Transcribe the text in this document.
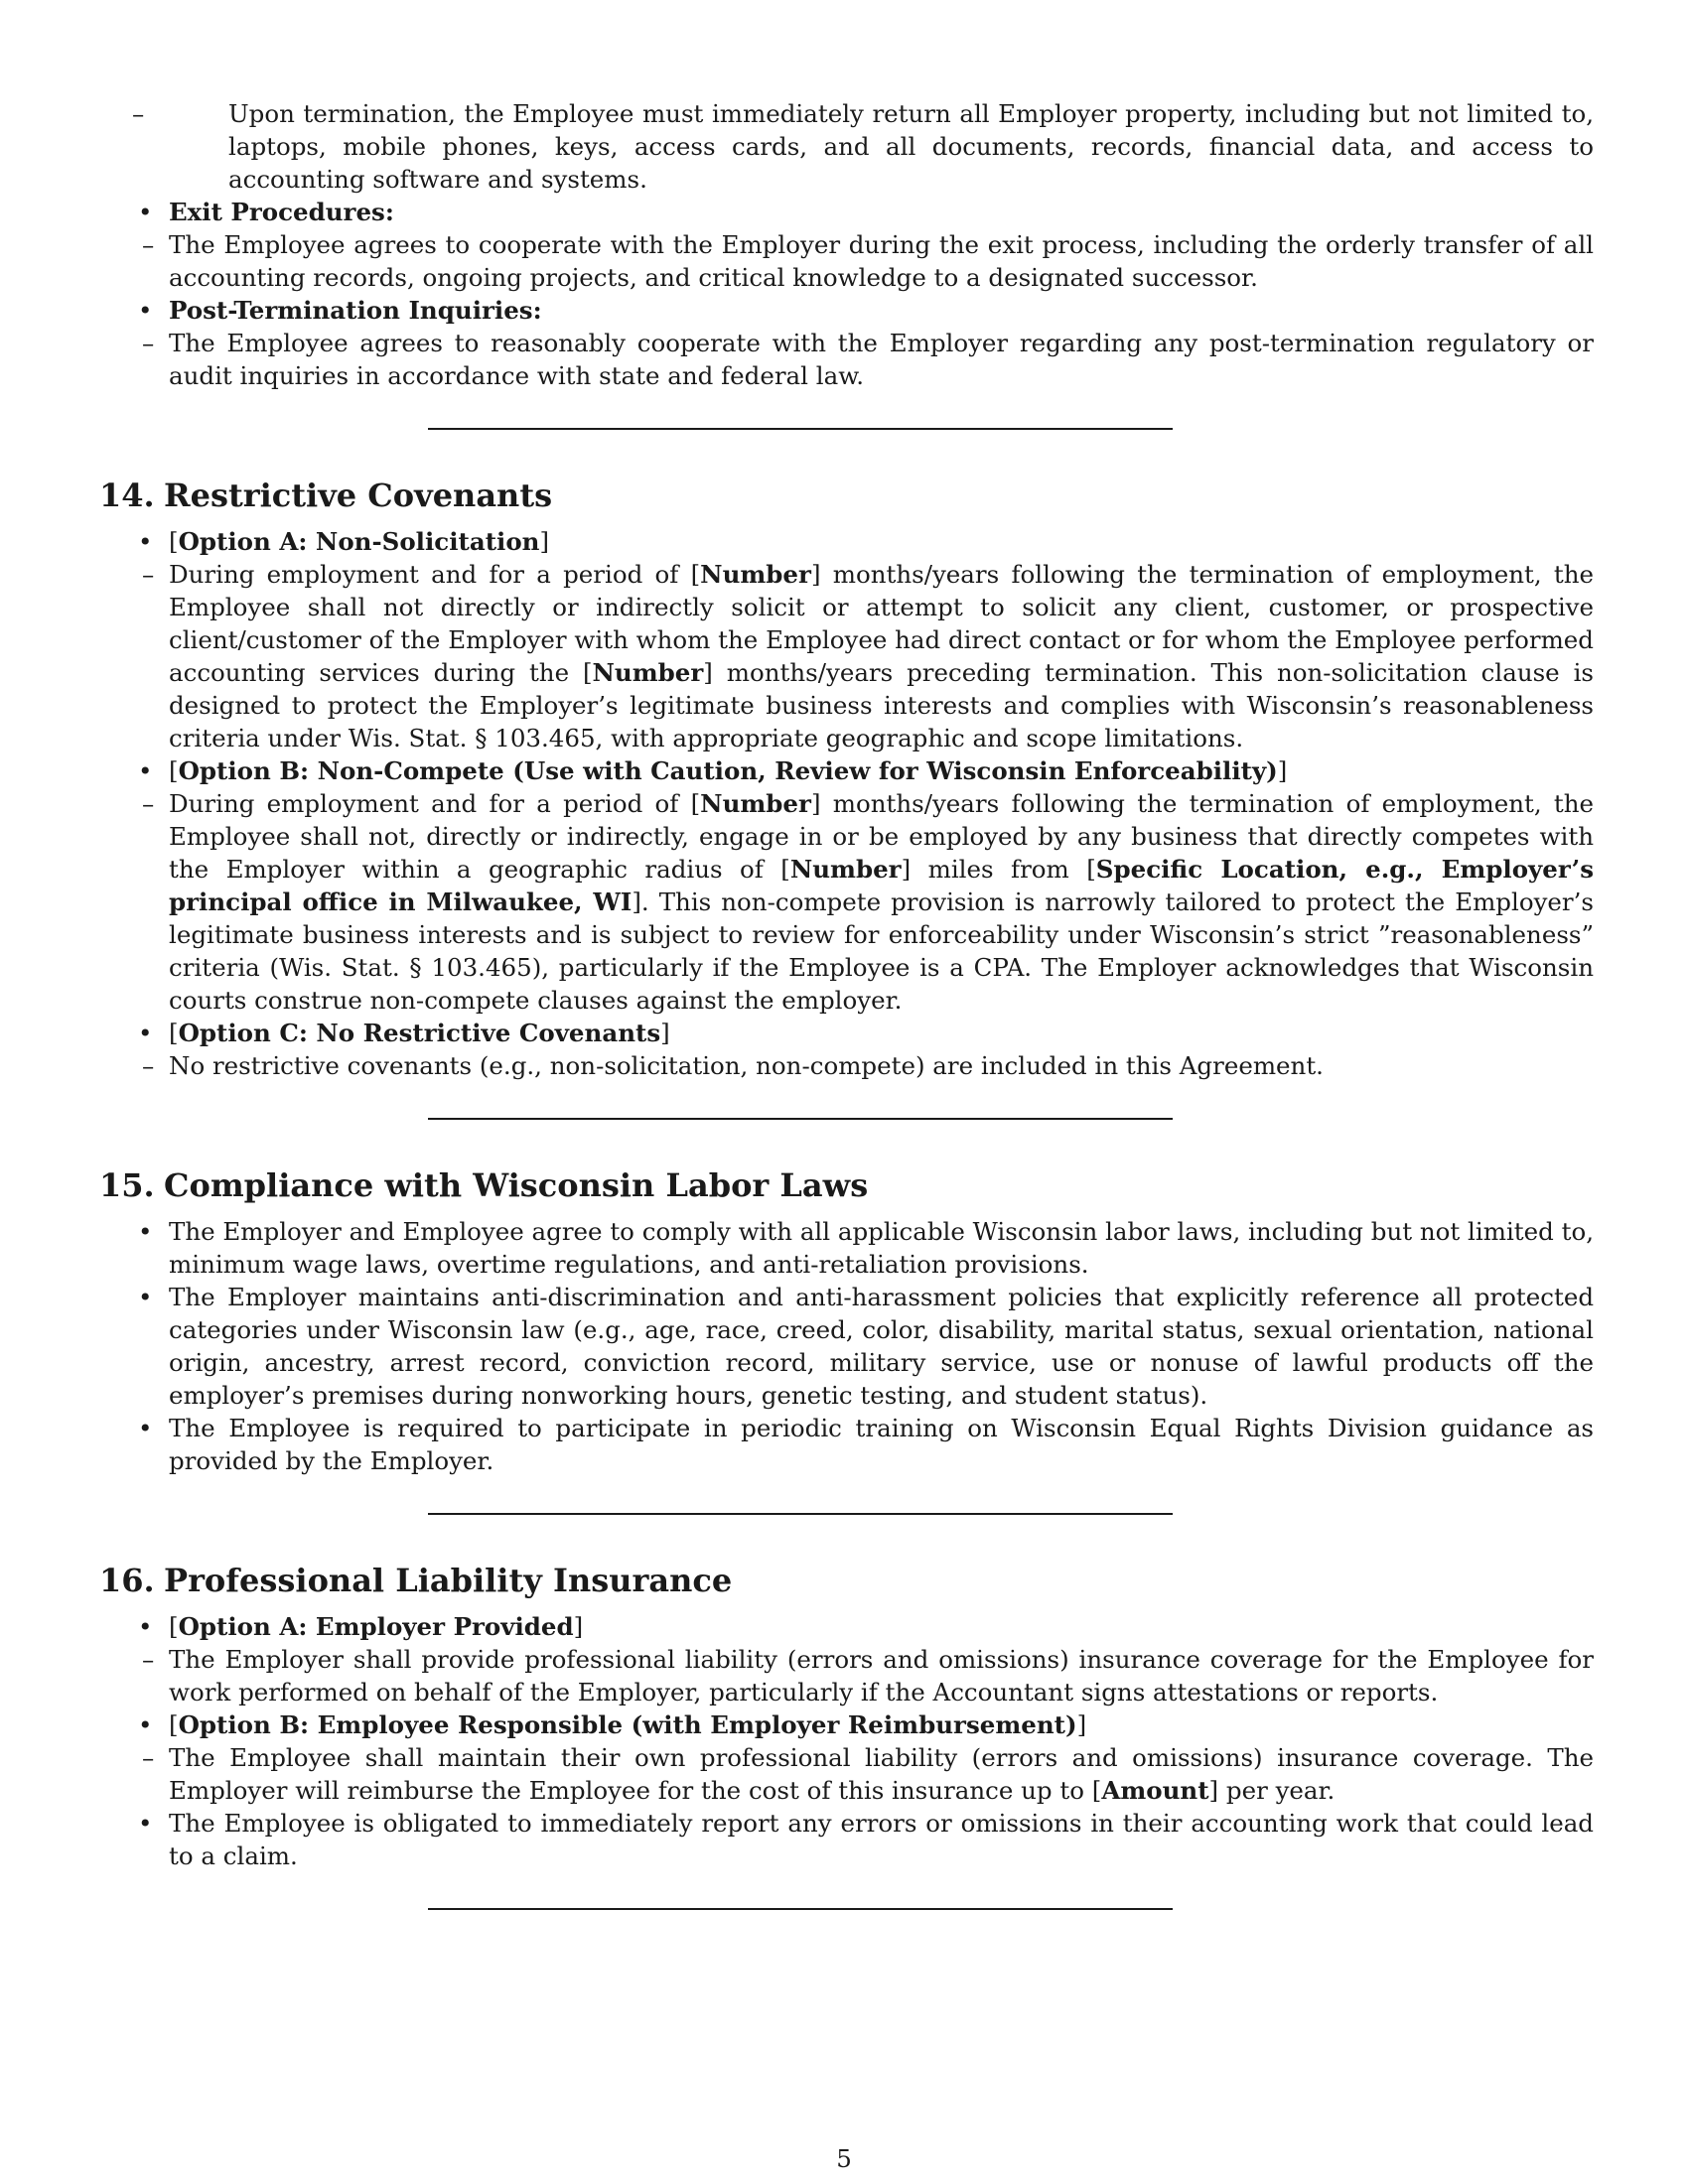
– Upon termination, the Employee must immediately return all Employer property, including but not limited to, laptops, mobile phones, keys, access cards, and all documents, records, financial data, and access to accounting software and systems.
• Exit Procedures:
– The Employee agrees to cooperate with the Employer during the exit process, including the orderly transfer of all accounting records, ongoing projects, and critical knowledge to a designated successor.
• Post-Termination Inquiries:
– The Employee agrees to reasonably cooperate with the Employer regarding any post-termination regulatory or audit inquiries in accordance with state and federal law.
14. Restrictive Covenants
• [Option A: Non-Solicitation]
– During employment and for a period of [Number] months/years following the termination of employment, the Employee shall not directly or indirectly solicit or attempt to solicit any client, customer, or prospective client/customer of the Employer with whom the Employee had direct contact or for whom the Employee performed accounting services during the [Number] months/years preceding termination. This non-solicitation clause is designed to protect the Employer’s legitimate business interests and complies with Wisconsin’s reasonableness criteria under Wis. Stat. § 103.465, with appropriate geographic and scope limitations.
• [Option B: Non-Compete (Use with Caution, Review for Wisconsin Enforceability)]
– During employment and for a period of [Number] months/years following the termination of employment, the Employee shall not, directly or indirectly, engage in or be employed by any business that directly competes with the Employer within a geographic radius of [Number] miles from [Specific Location, e.g., Employer’s principal office in Milwaukee, WI]. This non-compete provision is narrowly tailored to protect the Employer’s legitimate business interests and is subject to review for enforceability under Wisconsin’s strict ”reasonableness” criteria (Wis. Stat. § 103.465), particularly if the Employee is a CPA. The Employer acknowledges that Wisconsin courts construe non-compete clauses against the employer.
• [Option C: No Restrictive Covenants]
– No restrictive covenants (e.g., non-solicitation, non-compete) are included in this Agreement.
15. Compliance with Wisconsin Labor Laws
• The Employer and Employee agree to comply with all applicable Wisconsin labor laws, including but not limited to, minimum wage laws, overtime regulations, and anti-retaliation provisions.
• The Employer maintains anti-discrimination and anti-harassment policies that explicitly reference all protected categories under Wisconsin law (e.g., age, race, creed, color, disability, marital status, sexual orientation, national origin, ancestry, arrest record, conviction record, military service, use or nonuse of lawful products off the employer’s premises during nonworking hours, genetic testing, and student status).
• The Employee is required to participate in periodic training on Wisconsin Equal Rights Division guidance as provided by the Employer.
16. Professional Liability Insurance
• [Option A: Employer Provided]
– The Employer shall provide professional liability (errors and omissions) insurance coverage for the Employee for work performed on behalf of the Employer, particularly if the Accountant signs attestations or reports.
• [Option B: Employee Responsible (with Employer Reimbursement)]
– The Employee shall maintain their own professional liability (errors and omissions) insurance coverage. The Employer will reimburse the Employee for the cost of this insurance up to [Amount] per year.
• The Employee is obligated to immediately report any errors or omissions in their accounting work that could lead to a claim.
5
